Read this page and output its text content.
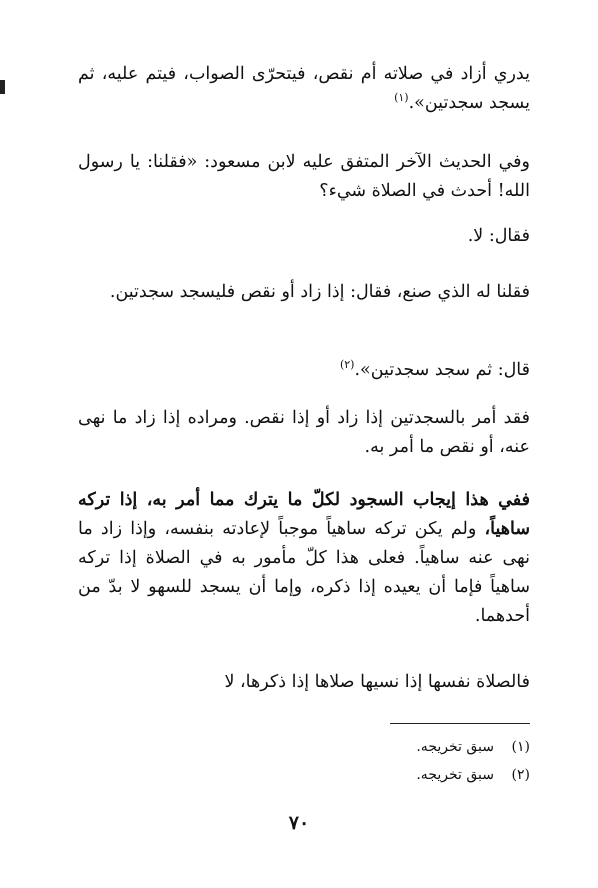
يدري أزاد في صلاته أم نقص، فيتحرّى الصواب، فيتم عليه، ثم يسجد سجدتين».$^{(١)}$

وفي الحديث الآخر المتفق عليه لابن مسعود: «فقلنا: يا رسول الله! أحدث في الصلاة شيء؟

فقال: لا.

فقلنا له الذي صنع، فقال: إذا زاد أو نقص فليسجد سجدتين.

قال: ثم سجد سجدتين».$^{(٢)}$

فقد أمر بالسجدتين إذا زاد أو إذا نقص. ومراده إذا زاد ما نهى عنه، أو نقص ما أمر به.

ففي هذا إيجاب السجود لكلّ ما يترك مما أمر به، إذا تركه ساهياً، ولم يكن تركه ساهياً موجباً لإعادته بنفسه، وإذا زاد ما نهى عنه ساهياً. فعلى هذا كلّ مأمور به في الصلاة إذا تركه ساهياً فإما أن يعيده إذا ذكره، وإما أن يسجد للسهو لا بدّ من أحدهما.

فالصلاة نفسها إذا نسيها صلاها إذا ذكرها، لا

(١)سبق تخريجه.
(٢)سبق تخريجه.
٧٠
